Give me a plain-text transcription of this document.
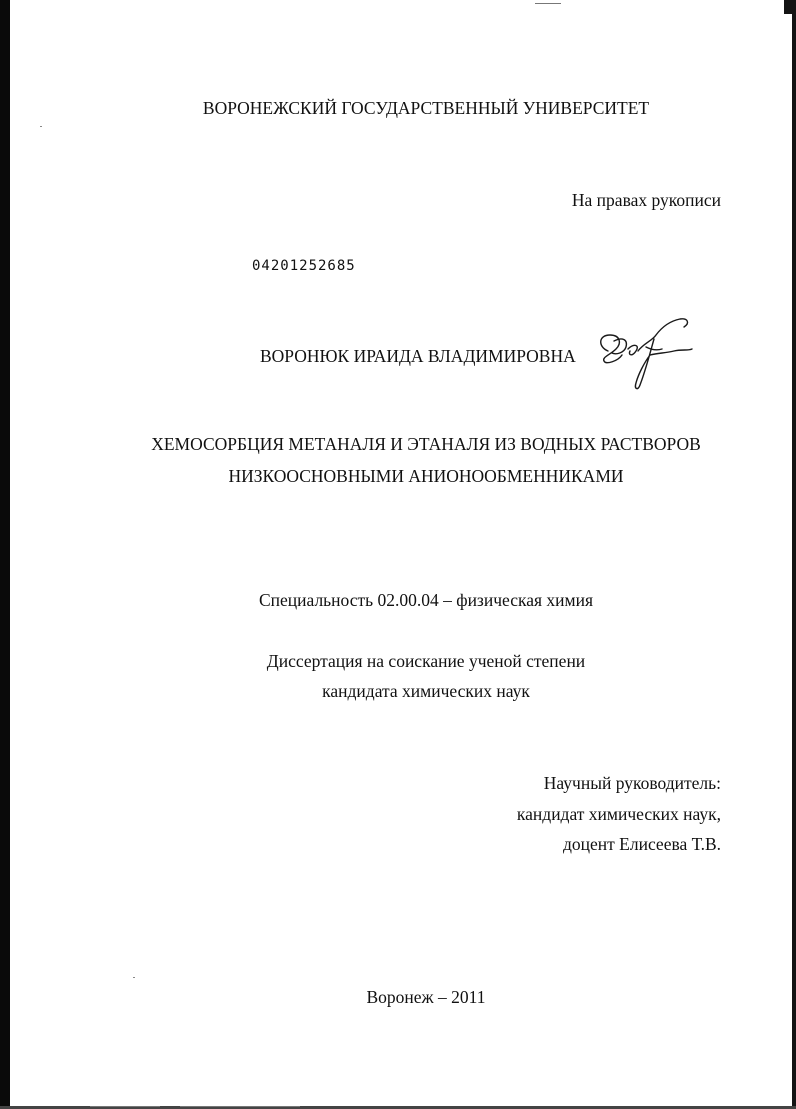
ВОРОНЕЖСКИЙ ГОСУДАРСТВЕННЫЙ УНИВЕРСИТЕТ
На правах рукописи
04201252685
ВОРОНЮК ИРАИДА ВЛАДИМИРОВНА
ХЕМОСОРБЦИЯ МЕТАНАЛЯ И ЭТАНАЛЯ ИЗ ВОДНЫХ РАСТВОРОВ
НИЗКООСНОВНЫМИ АНИОНООБМЕННИКАМИ
Специальность 02.00.04 – физическая химия
Диссертация на соискание ученой степени
кандидата химических наук
Научный руководитель:
кандидат химических наук,
доцент Елисеева Т.В.
Воронеж – 2011
